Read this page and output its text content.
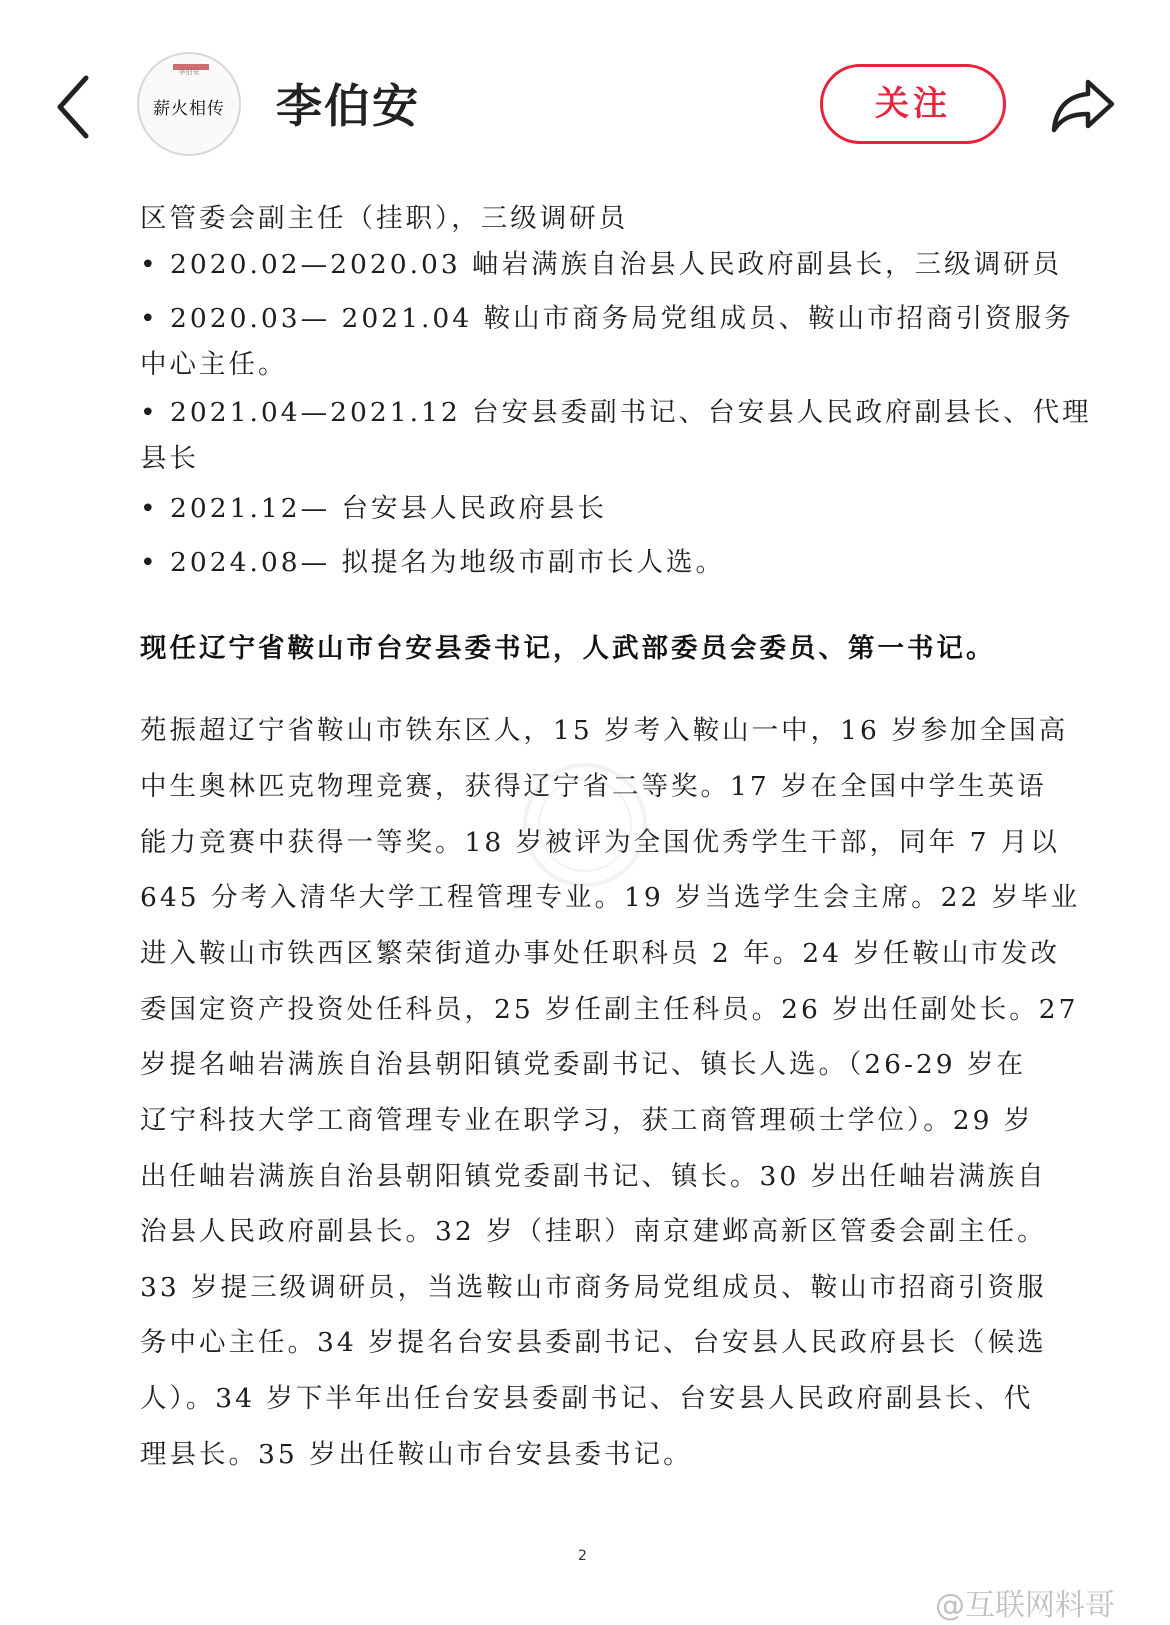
李伯安
薪火相传	李伯安	关注
区管委会副主任（挂职），三级调研员
• 2020.02—2020.03 岫岩满族自治县人民政府副县长，三级调研员
• 2020.03— 2021.04 鞍山市商务局党组成员、鞍山市招商引资服务
中心主任。
• 2021.04—2021.12 台安县委副书记、台安县人民政府副县长、代理
县长
• 2021.12— 台安县人民政府县长
• 2024.08— 拟提名为地级市副市长人选。
现任辽宁省鞍山市台安县委书记，人武部委员会委员、第一书记。
苑振超辽宁省鞍山市铁东区人，15 岁考入鞍山一中，16 岁参加全国高
中生奥林匹克物理竞赛，获得辽宁省二等奖。17 岁在全国中学生英语
能力竞赛中获得一等奖。18 岁被评为全国优秀学生干部，同年 7 月以
645 分考入清华大学工程管理专业。19 岁当选学生会主席。22 岁毕业
进入鞍山市铁西区繁荣街道办事处任职科员 2 年。24 岁任鞍山市发改
委国定资产投资处任科员，25 岁任副主任科员。26 岁出任副处长。27
岁提名岫岩满族自治县朝阳镇党委副书记、镇长人选。（26-29 岁在
辽宁科技大学工商管理专业在职学习，获工商管理硕士学位）。29 岁
出任岫岩满族自治县朝阳镇党委副书记、镇长。30 岁出任岫岩满族自
治县人民政府副县长。32 岁（挂职）南京建邺高新区管委会副主任。
33 岁提三级调研员，当选鞍山市商务局党组成员、鞍山市招商引资服
务中心主任。34 岁提名台安县委副书记、台安县人民政府县长（候选
人）。34 岁下半年出任台安县委副书记、台安县人民政府副县长、代
理县长。35 岁出任鞍山市台安县委书记。
2
@互联网料哥
